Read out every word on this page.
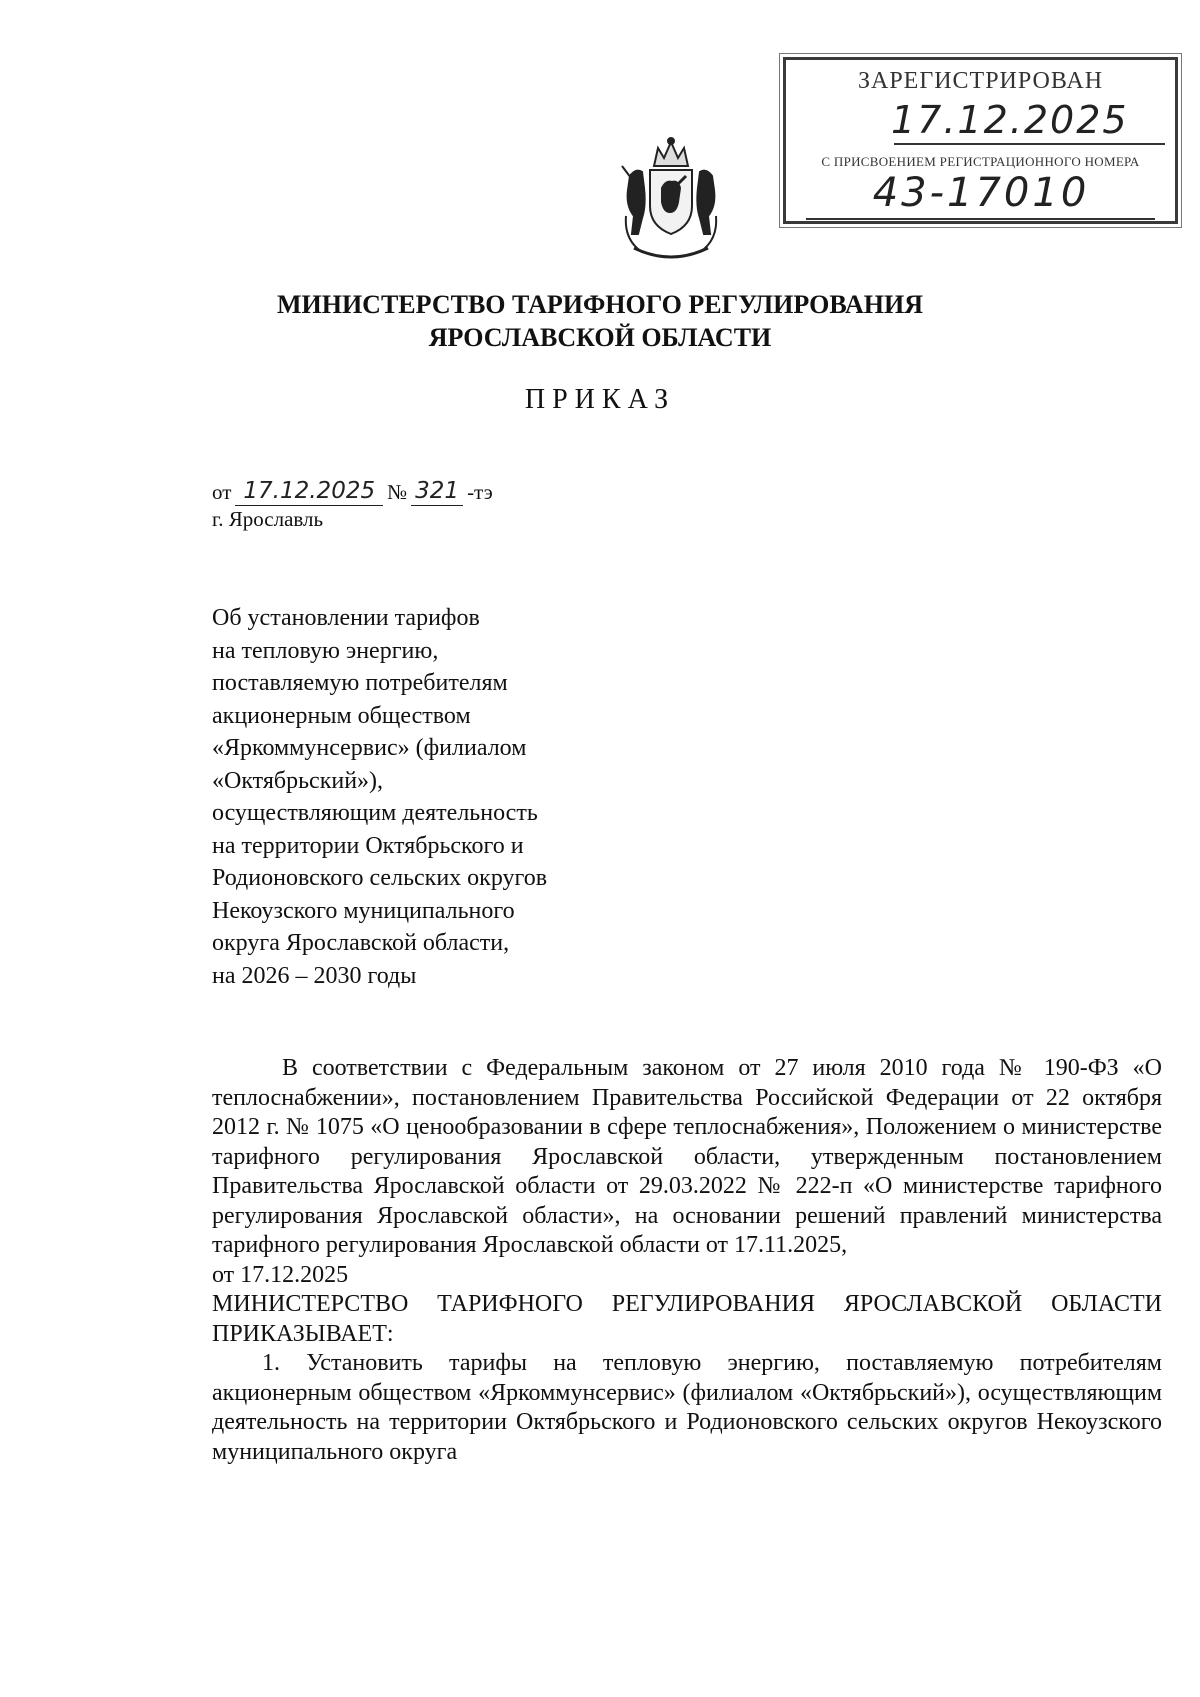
ЗАРЕГИСТРИРОВАН
17.12.2025
С ПРИСВОЕНИЕМ РЕГИСТРАЦИОННОГО НОМЕРА
43-17010
МИНИСТЕРСТВО ТАРИФНОГО РЕГУЛИРОВАНИЯ
ЯРОСЛАВСКОЙ ОБЛАСТИ
ПРИКАЗ
от 17.12.2025 № 321 -тэ
г. Ярославль
Об установлении тарифов
на тепловую энергию,
поставляемую потребителям
акционерным обществом
«Яркоммунсервис» (филиалом
«Октябрьский»),
осуществляющим деятельность
на территории Октябрьского и
Родионовского сельских округов
Некоузского муниципального
округа Ярославской области,
на 2026 – 2030 годы

В соответствии с Федеральным законом от 27 июля 2010 года № 190-ФЗ «О теплоснабжении», постановлением Правительства Российской Федерации от 22 октября 2012 г. № 1075 «О ценообразовании в сфере теплоснабжения», Положением о министерстве тарифного регулирования Ярославской области, утвержденным постановлением Правительства Ярославской области от 29.03.2022 № 222-п «О министерстве тарифного регулирования Ярославской области», на основании решений правлений министерства тарифного регулирования Ярославской области от 17.11.2025,

от 17.12.2025

МИНИСТЕРСТВО ТАРИФНОГО РЕГУЛИРОВАНИЯ ЯРОСЛАВСКОЙ ОБЛАСТИ ПРИКАЗЫВАЕТ:

1. Установить тарифы на тепловую энергию, поставляемую потребителям акционерным обществом «Яркоммунсервис» (филиалом «Октябрьский»), осуществляющим деятельность на территории Октябрьского и Родионовского сельских округов Некоузского муниципального округа
